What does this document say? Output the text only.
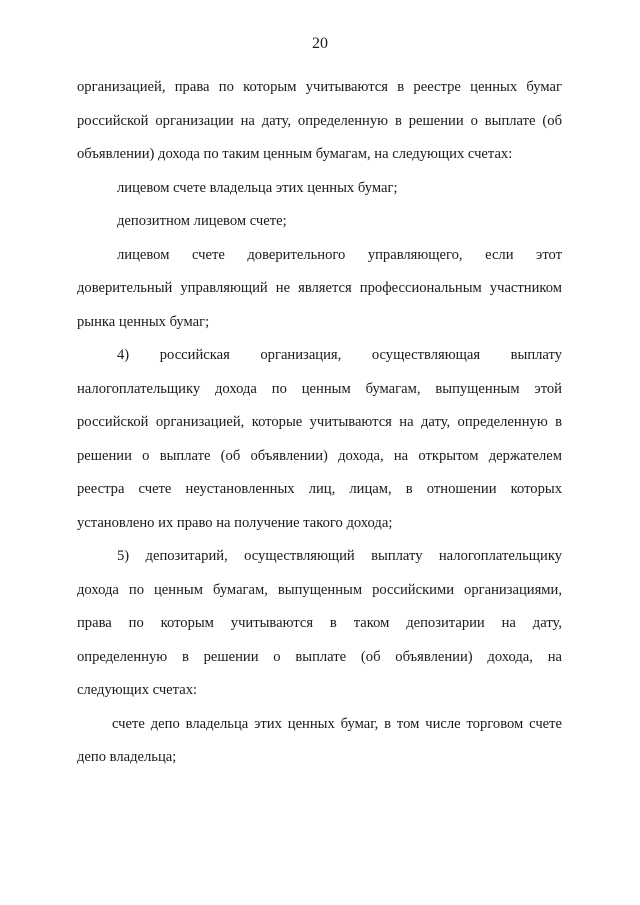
20
организацией, права по которым учитываются в реестре ценных бумаг
российской организации на дату, определенную в решении о выплате (об
объявлении) дохода по таким ценным бумагам, на следующих счетах:
лицевом счете владельца этих ценных бумаг;
депозитном лицевом счете;
лицевом счете доверительного управляющего, если этот
доверительный управляющий не является профессиональным участником
рынка ценных бумаг;
4) российская организация, осуществляющая выплату
налогоплательщику дохода по ценным бумагам, выпущенным этой
российской организацией, которые учитываются на дату, определенную в
решении о выплате (об объявлении) дохода, на открытом держателем
реестра счете неустановленных лиц, лицам, в отношении которых
установлено их право на получение такого дохода;
5) депозитарий, осуществляющий выплату налогоплательщику
дохода по ценным бумагам, выпущенным российскими организациями,
права по которым учитываются в таком депозитарии на дату,
определенную в решении о выплате (об объявлении) дохода, на
следующих счетах:
счете депо владельца этих ценных бумаг, в том числе торговом счете
депо владельца;
